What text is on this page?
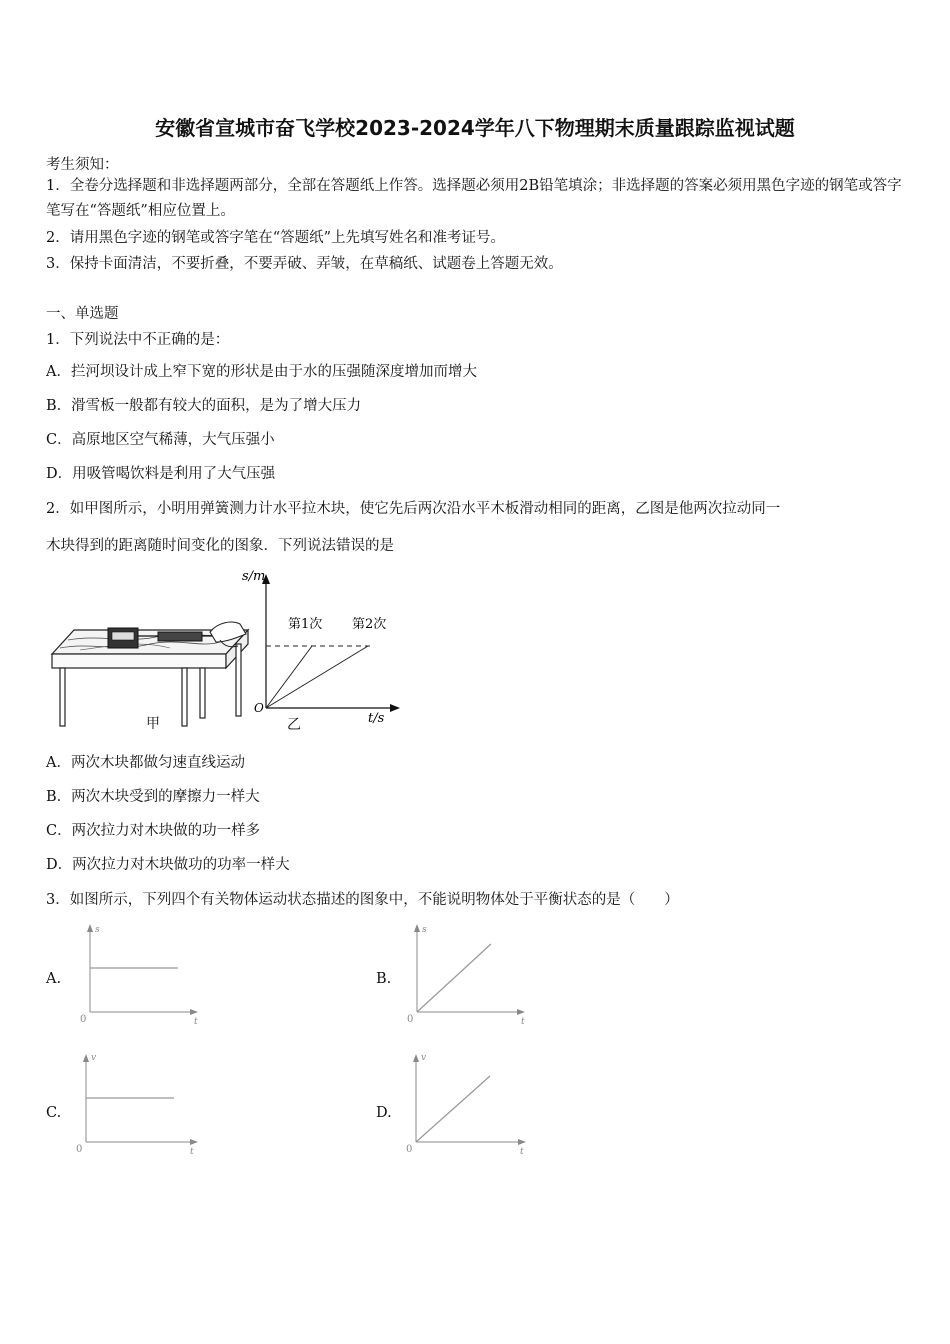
安徽省宣城市奋飞学校2023-2024学年八下物理期末质量跟踪监视试题
考生须知：
1．全卷分选择题和非选择题两部分，全部在答题纸上作答。选择题必须用2B铅笔填涂；非选择题的答案必须用黑色字迹的钢笔或答字笔写在“答题纸”相应位置上。
2．请用黑色字迹的钢笔或答字笔在“答题纸”上先填写姓名和准考证号。
3．保持卡面清洁，不要折叠，不要弄破、弄皱，在草稿纸、试题卷上答题无效。
一、单选题
1．下列说法中不正确的是：
A．拦河坝设计成上窄下宽的形状是由于水的压强随深度增加而增大
B．滑雪板一般都有较大的面积，是为了增大压力
C．高原地区空气稀薄，大气压强小
D．用吸管喝饮料是利用了大气压强
2．如甲图所示，小明用弹簧测力计水平拉木块，使它先后两次沿水平木板滑动相同的距离，乙图是他两次拉动同一
木块得到的距离随时间变化的图象．下列说法错误的是
甲
s/m
t/s
O
第1次 第2次
乙
A．两次木块都做匀速直线运动
B．两次木块受到的摩擦力一样大
C．两次拉力对木块做的功一样多
D．两次拉力对木块做功的功率一样大
3．如图所示，下列四个有关物体运动状态描述的图象中，不能说明物体处于平衡状态的是（　　）
A.
s
t
0
B.
s
t
0
C.
v
t
0
D.
v
t
0
